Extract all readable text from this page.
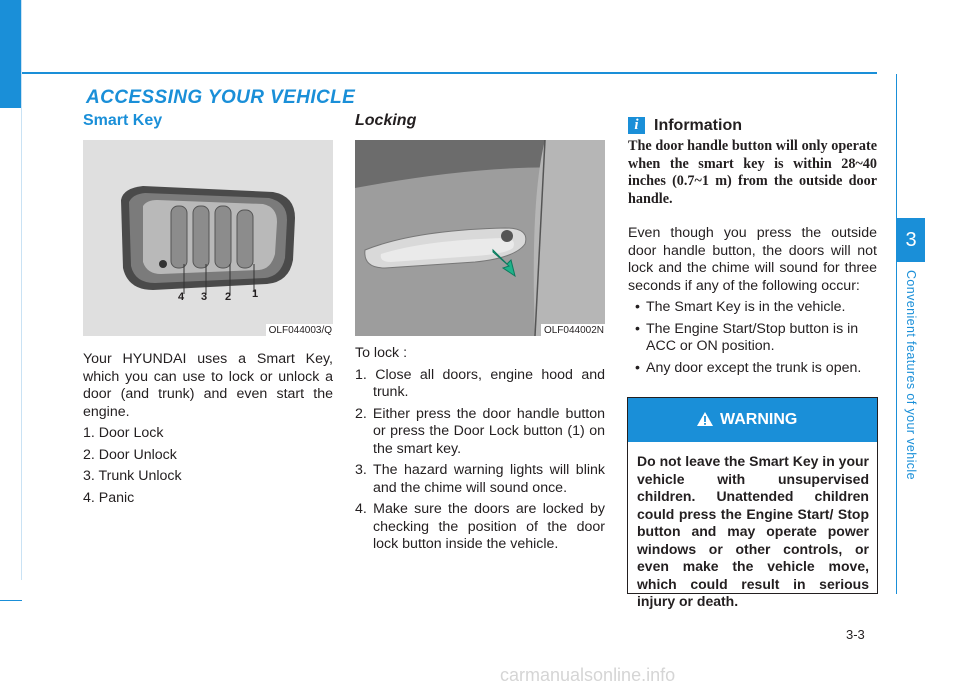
ACCESSING YOUR VEHICLE
3
Convenient features of your vehicle
Smart Key
4 3 2 1
OLF044003/Q

Your HYUNDAI uses a Smart Key, which you can use to lock or unlock a door (and trunk) and even start the engine.

1. Door Lock

2. Door Unlock

3. Trunk Unlock

4. Panic

Locking
OLF044002N

To lock :

1. Close all doors, engine hood and trunk.
2. Either press the door handle button or press the Door Lock button (1) on the smart key.
3. The hazard warning lights will blink and the chime will sound once.
4. Make sure the doors are locked by checking the position of the door lock button inside the vehicle.
i Information
The door handle button will only operate when the smart key is within 28~40 inches (0.7~1 m) from the outside door handle.

Even though you press the outside door handle button, the doors will not lock and the chime will sound for three seconds if any of the following occur:

• The Smart Key is in the vehicle.
• The Engine Start/Stop button is in ACC or ON position.
• Any door except the trunk is open.
WARNING
Do not leave the Smart Key in your vehicle with unsupervised children. Unattended children could press the Engine Start/ Stop button and may operate power windows or other controls, or even make the vehicle move, which could result in serious injury or death.
3-3
carmanualsonline.info
